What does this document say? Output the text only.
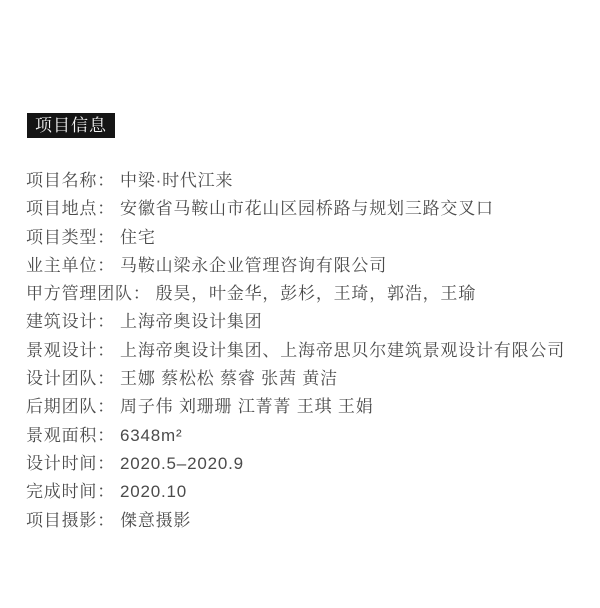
项目信息
项目名称： 中梁·时代江来
项目地点： 安徽省马鞍山市花山区园桥路与规划三路交叉口
项目类型： 住宅
业主单位： 马鞍山梁永企业管理咨询有限公司
甲方管理团队： 殷昊，叶金华，彭杉，王琦，郭浩，王瑜
建筑设计： 上海帝奥设计集团
景观设计： 上海帝奥设计集团、上海帝思贝尔建筑景观设计有限公司
设计团队： 王娜 蔡松松 蔡睿 张茜 黄洁
后期团队： 周子伟 刘珊珊 江菁菁 王琪 王娟
景观面积： 6348m²
设计时间： 2020.5–2020.9
完成时间： 2020.10
项目摄影： 傑意摄影
